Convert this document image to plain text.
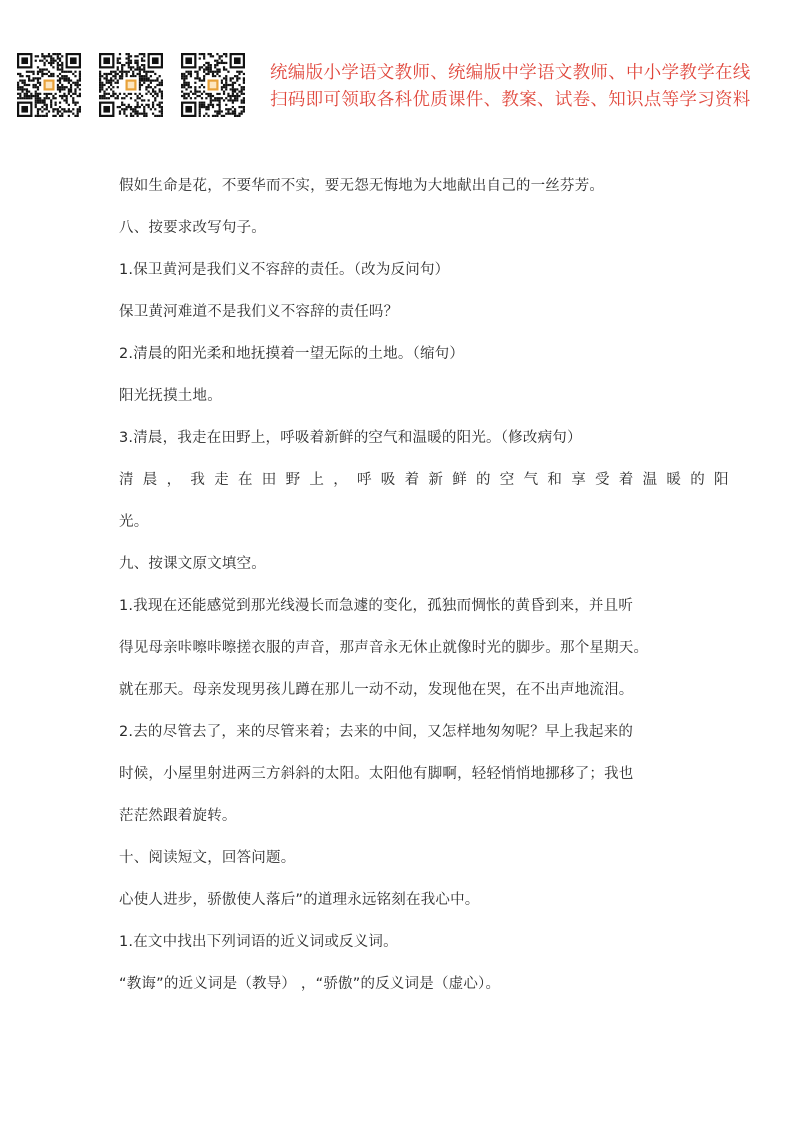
统编版小学语文教师、统编版中学语文教师、中小学教学在线
扫码即可领取各科优质课件、教案、试卷、知识点等学习资料
假如生命是花，不要华而不实，要无怨无悔地为大地献出自己的一丝芬芳。
八、按要求改写句子。
1.保卫黄河是我们义不容辞的责任。（改为反问句）
保卫黄河难道不是我们义不容辞的责任吗？
2.清晨的阳光柔和地抚摸着一望无际的土地。（缩句）
阳光抚摸土地。
3.清晨，我走在田野上，呼吸着新鲜的空气和温暖的阳光。（修改病句）
清晨，我走在田野上，呼吸着新鲜的空气和享受着温暖的阳
光。
九、按课文原文填空。
1.我现在还能感觉到那光线漫长而急遽的变化，孤独而惆怅的黄昏到来，并且听
得见母亲咔嚓咔嚓搓衣服的声音，那声音永无休止就像时光的脚步。那个星期天。
就在那天。母亲发现男孩儿蹲在那儿一动不动，发现他在哭，在不出声地流泪。
2.去的尽管去了，来的尽管来着；去来的中间，又怎样地匆匆呢？早上我起来的
时候，小屋里射进两三方斜斜的太阳。太阳他有脚啊，轻轻悄悄地挪移了；我也
茫茫然跟着旋转。
十、阅读短文，回答问题。
心使人进步，骄傲使人落后”的道理永远铭刻在我心中。
1.在文中找出下列词语的近义词或反义词。
“教诲”的近义词是（教导） ，“骄傲”的反义词是（虚心）。
